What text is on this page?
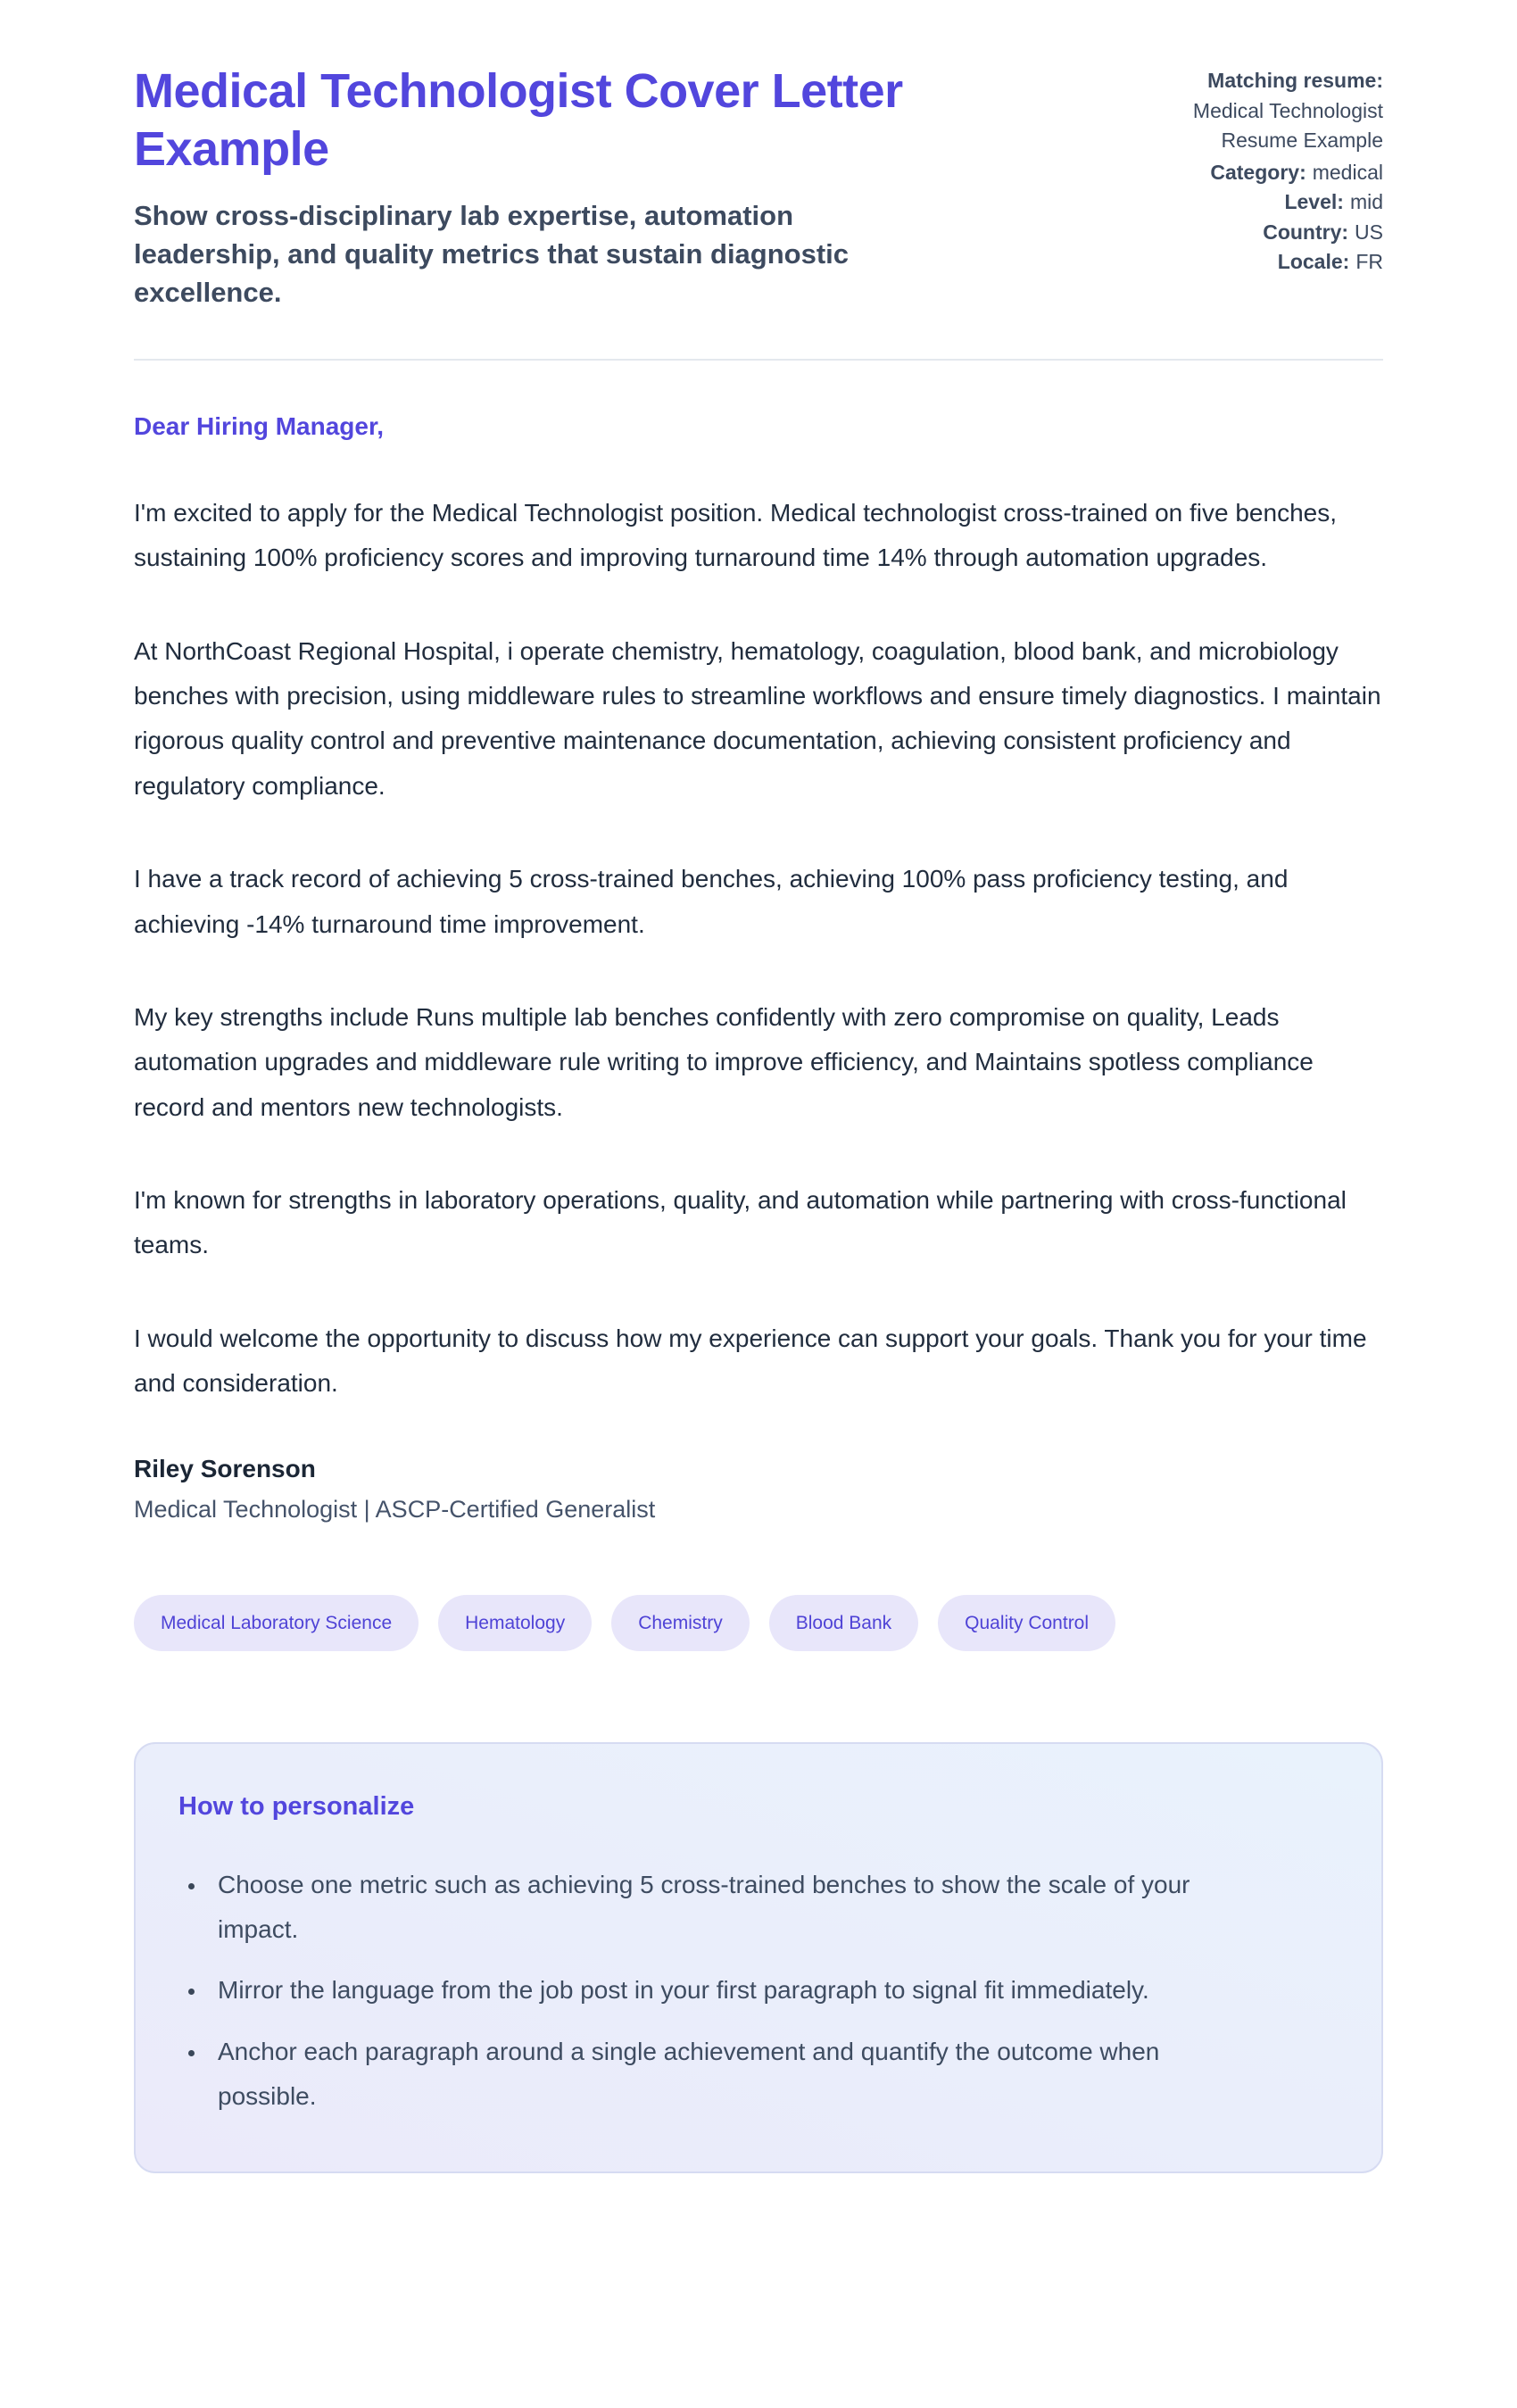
Medical Technologist Cover Letter Example

Show cross-disciplinary lab expertise, automation leadership, and quality metrics that sustain diagnostic excellence.

Matching resume:
Medical Technologist Resume Example
Category: medical
Level: mid
Country: US
Locale: FR

Dear Hiring Manager,

I'm excited to apply for the Medical Technologist position. Medical technologist cross-trained on five benches, sustaining 100% proficiency scores and improving turnaround time 14% through automation upgrades.

At NorthCoast Regional Hospital, i operate chemistry, hematology, coagulation, blood bank, and microbiology benches with precision, using middleware rules to streamline workflows and ensure timely diagnostics. I maintain rigorous quality control and preventive maintenance documentation, achieving consistent proficiency and regulatory compliance.

I have a track record of achieving 5 cross-trained benches, achieving 100% pass proficiency testing, and achieving -14% turnaround time improvement.

My key strengths include Runs multiple lab benches confidently with zero compromise on quality, Leads automation upgrades and middleware rule writing to improve efficiency, and Maintains spotless compliance record and mentors new technologists.

I'm known for strengths in laboratory operations, quality, and automation while partnering with cross-functional teams.

I would welcome the opportunity to discuss how my experience can support your goals. Thank you for your time and consideration.

Riley Sorenson

Medical Technologist | ASCP-Certified Generalist

Medical Laboratory Science	Hematology	Chemistry	Blood Bank	Quality Control
How to personalize
• Choose one metric such as achieving 5 cross-trained benches to show the scale of your impact.
• Mirror the language from the job post in your first paragraph to signal fit immediately.
• Anchor each paragraph around a single achievement and quantify the outcome when possible.
